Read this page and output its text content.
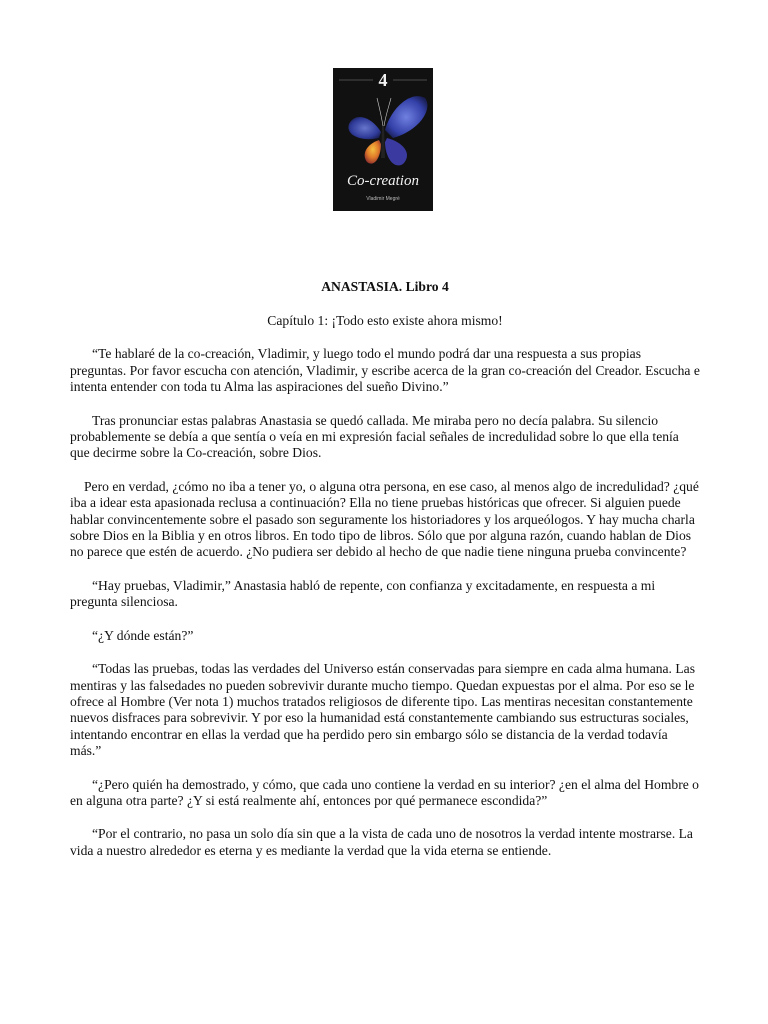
4
Co-creation
Vladimir Megré

ANASTASIA. Libro 4

Capítulo 1: ¡Todo esto existe ahora mismo!

“Te hablaré de la co-creación, Vladimir, y luego todo el mundo podrá dar una respuesta a sus propias preguntas. Por favor escucha con atención, Vladimir, y escribe acerca de la gran co-creación del Creador. Escucha e intenta entender con toda tu Alma las aspiraciones del sueño Divino.”

Tras pronunciar estas palabras Anastasia se quedó callada. Me miraba pero no decía palabra. Su silencio probablemente se debía a que sentía o veía en mi expresión facial señales de incredulidad sobre lo que ella tenía que decirme sobre la Co-creación, sobre Dios.

Pero en verdad, ¿cómo no iba a tener yo, o alguna otra persona, en ese caso, al menos algo de incredulidad? ¿qué iba a idear esta apasionada reclusa a continuación? Ella no tiene pruebas históricas que ofrecer. Si alguien puede hablar convincentemente sobre el pasado son seguramente los historiadores y los arqueólogos. Y hay mucha charla sobre Dios en la Biblia y en otros libros. En todo tipo de libros. Sólo que por alguna razón, cuando hablan de Dios no parece que estén de acuerdo. ¿No pudiera ser debido al hecho de que nadie tiene ninguna prueba convincente?

“Hay pruebas, Vladimir,” Anastasia habló de repente, con confianza y excitadamente, en respuesta a mi pregunta silenciosa.

“¿Y dónde están?”

“Todas las pruebas, todas las verdades del Universo están conservadas para siempre en cada alma humana. Las mentiras y las falsedades no pueden sobrevivir durante mucho tiempo. Quedan expuestas por el alma. Por eso se le ofrece al Hombre (Ver nota 1) muchos tratados religiosos de diferente tipo. Las mentiras necesitan constantemente nuevos disfraces para sobrevivir. Y por eso la humanidad está constantemente cambiando sus estructuras sociales, intentando encontrar en ellas la verdad que ha perdido pero sin embargo sólo se distancia de la verdad todavía más.”

“¿Pero quién ha demostrado, y cómo, que cada uno contiene la verdad en su interior? ¿en el alma del Hombre o en alguna otra parte? ¿Y si está realmente ahí, entonces por qué permanece escondida?”

“Por el contrario, no pasa un solo día sin que a la vista de cada uno de nosotros la verdad intente mostrarse. La vida a nuestro alrededor es eterna y es mediante la verdad que la vida eterna se entiende.
